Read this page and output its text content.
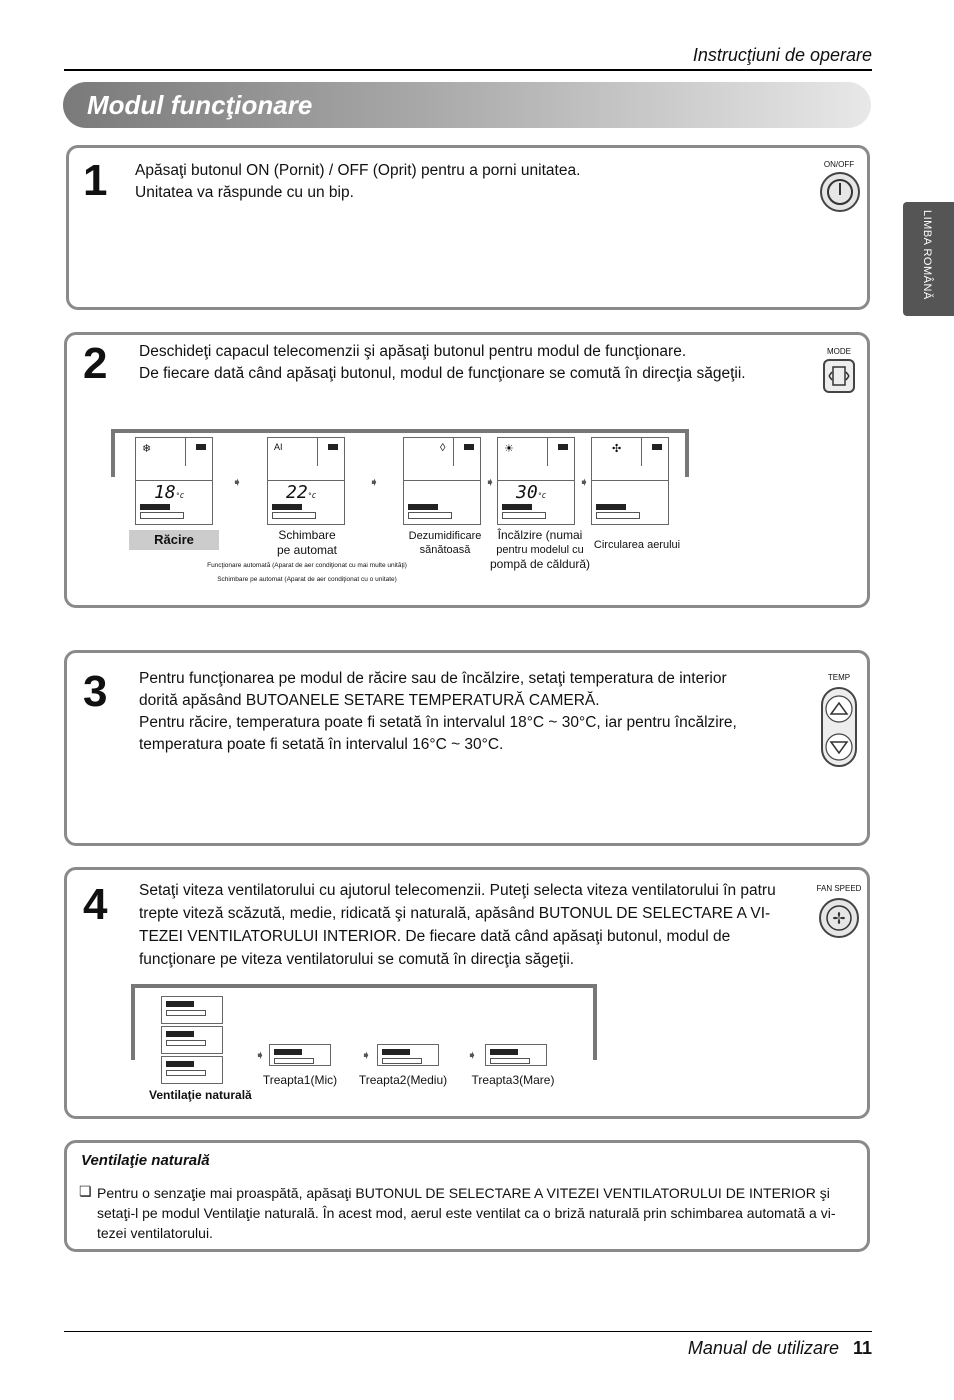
Instrucţiuni de operare
Modul funcţionare
LIMBA ROMÂNĂ
1 Apăsaţi butonul ON (Pornit) / OFF (Oprit) pentru a porni unitatea.
Unitatea va răspunde cu un bip.
ON/OFF
2 Deschideţi capacul telecomenzii şi apăsaţi butonul pentru modul de funcţionare.
De fiecare dată când apăsaţi butonul, modul de funcţionare se comută în direcţia săgeţii.
MODE
❄
18°C
➧
AI
22°C
➧
◊
➧
☀
30°C
➧
✣
Răcire	Schimbare
pe automat
Dezumidificare
sănătoasă
Încălzire (numai
pentru modelul cu
pompă de căldură)
Circularea aerului
Funcţionare automată (Aparat de aer condiţionat cu mai multe unităţi)
Schimbare pe automat (Aparat de aer condiţionat cu o unitate)
3 Pentru funcţionarea pe modul de răcire sau de încălzire, setaţi temperatura de interior
dorită apăsând BUTOANELE SETARE TEMPERATURĂ CAMERĂ.
Pentru răcire, temperatura poate fi setată în intervalul 18°C ~ 30°C, iar pentru încălzire,
temperatura poate fi setată în intervalul 16°C ~ 30°C.
TEMP
4 Setaţi viteza ventilatorului cu ajutorul telecomenzii. Puteţi selecta viteza ventilatorului în patru
trepte viteză scăzută, medie, ridicată şi naturală, apăsând BUTONUL DE SELECTARE A VI-
TEZEI VENTILATORULUI INTERIOR. De fiecare dată când apăsaţi butonul, modul de
funcţionare pe viteza ventilatorului se comută în direcţia săgeţii.
FAN SPEED
Ventilaţie naturală
➧
Treapta1(Mic)
➧
Treapta2(Mediu)
➧
Treapta3(Mare)
Ventilaţie naturală
❏ Pentru o senzaţie mai proaspătă, apăsaţi BUTONUL DE SELECTARE A VITEZEI VENTILATORULUI DE INTERIOR şi
setaţi-l pe modul Ventilaţie naturală. În acest mod, aerul este ventilat ca o briză naturală prin schimbarea automată a vi-
tezei ventilatorului.
Manual de utilizare 11
